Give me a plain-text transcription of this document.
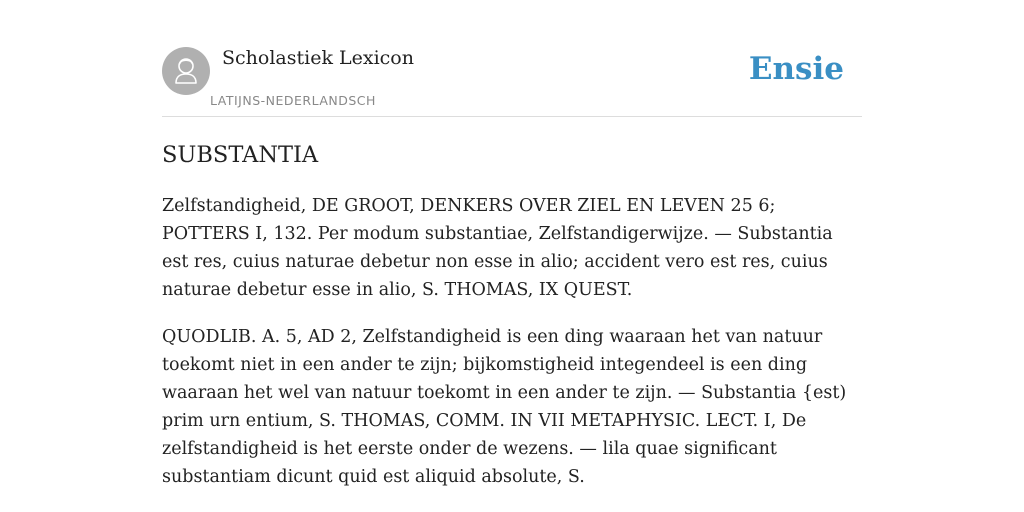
Scholastiek Lexicon
LATIJNS-NEDERLANDSCH
Ensie
SUBSTANTIA

Zelfstandigheid, DE GROOT, DENKERS OVER ZIEL EN LEVEN 25 6; POTTERS I, 132. Per modum substantiae, Zelfstandigerwijze. — Substantia est res, cuius naturae debetur non esse in alio; accident vero est res, cuius naturae debetur esse in alio, S. THOMAS, IX QUEST.

QUODLIB. A. 5, AD 2, Zelfstandigheid is een ding waaraan het van natuur toekomt niet in een ander te zijn; bijkomstigheid integendeel is een ding waaraan het wel van natuur toekomt in een ander te zijn. — Substantia {est) prim urn entium, S. THOMAS, COMM. IN VII METAPHYSIC. LECT. I, De zelfstandigheid is het eerste onder de wezens. — lila quae significant substantiam dicunt quid est aliquid absolute, S.
